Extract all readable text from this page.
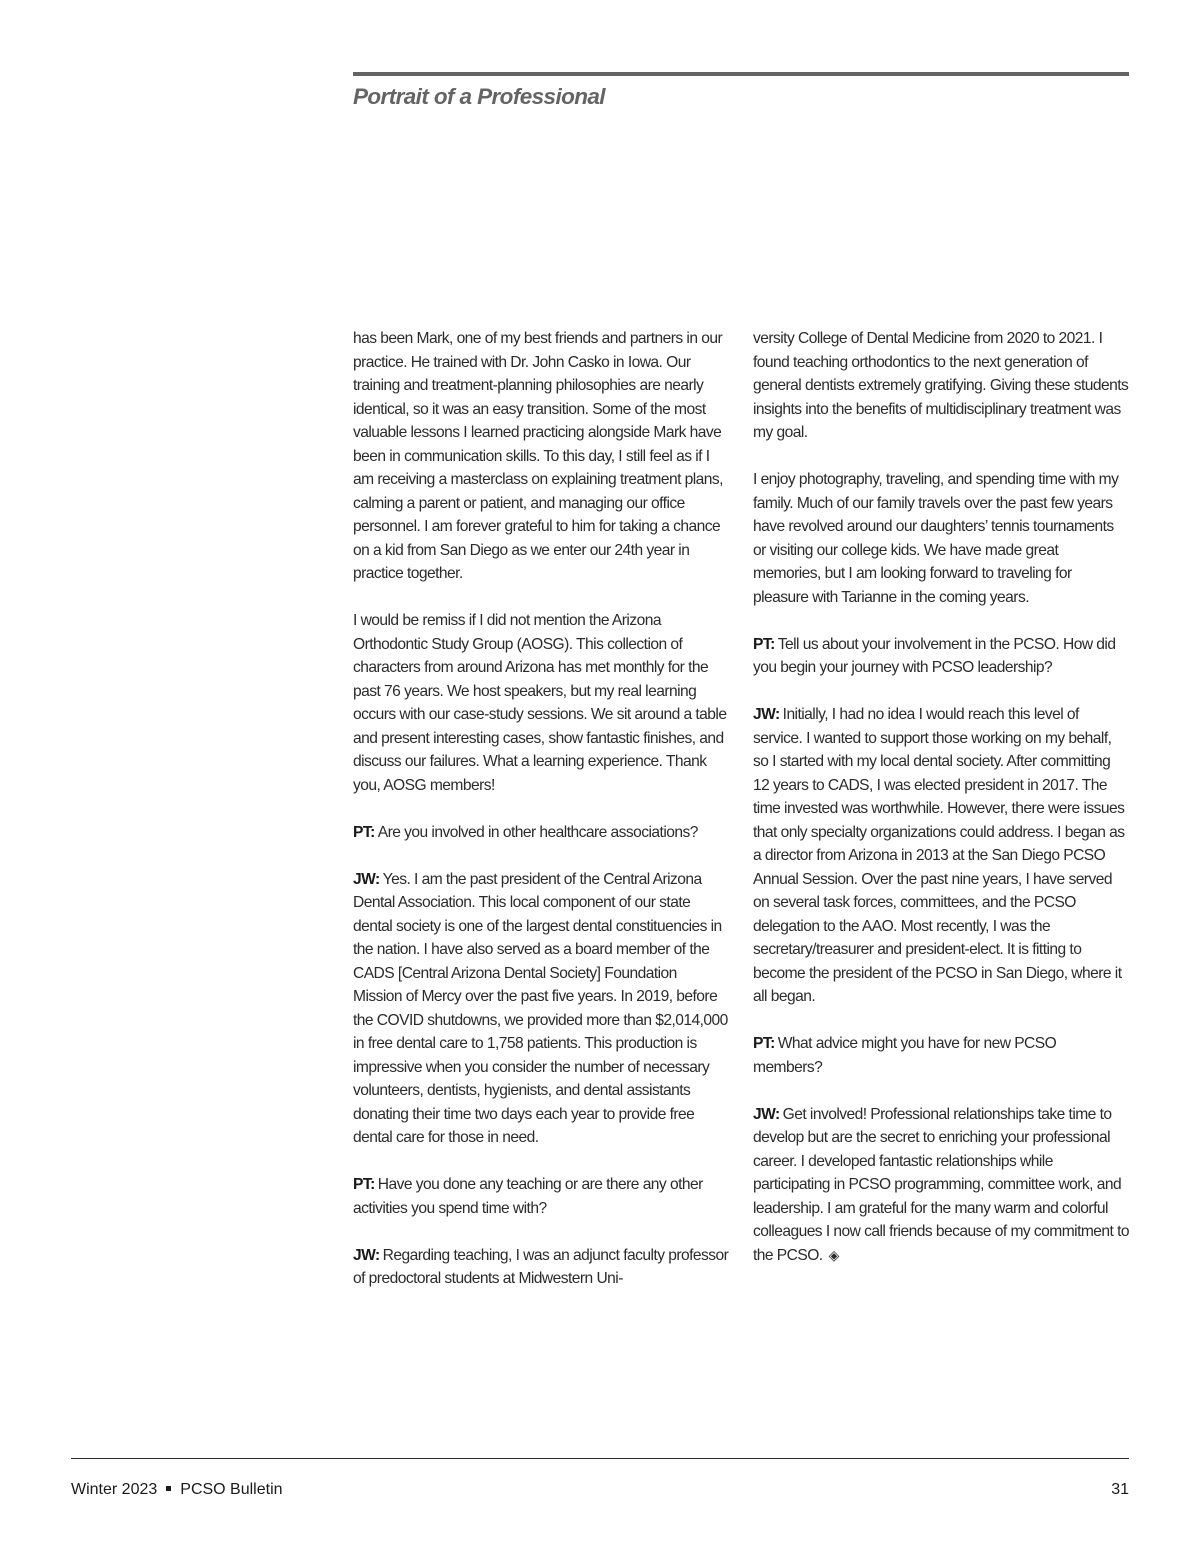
Portrait of a Professional

has been Mark, one of my best friends and partners in our practice. He trained with Dr. John Casko in Iowa. Our training and treatment-planning philosophies are nearly identical, so it was an easy transition. Some of the most valuable lessons I learned practicing alongside Mark have been in communication skills. To this day, I still feel as if I am receiving a masterclass on explaining treatment plans, calming a parent or patient, and managing our office personnel. I am forever grateful to him for taking a chance on a kid from San Diego as we enter our 24th year in practice together.

I would be remiss if I did not mention the Arizona Orthodontic Study Group (AOSG). This collection of characters from around Arizona has met monthly for the past 76 years. We host speakers, but my real learning occurs with our case-study sessions. We sit around a table and present interesting cases, show fantastic finishes, and discuss our failures. What a learning experience. Thank you, AOSG members!

PT: Are you involved in other healthcare associations?

JW: Yes. I am the past president of the Central Arizona Dental Association. This local component of our state dental society is one of the largest dental constituencies in the nation. I have also served as a board member of the CADS [Central Arizona Dental Society] Foundation Mission of Mercy over the past five years. In 2019, before the COVID shutdowns, we provided more than $2,014,000 in free dental care to 1,758 patients. This production is impressive when you consider the number of necessary volunteers, dentists, hygienists, and dental assistants donating their time two days each year to provide free dental care for those in need.

PT: Have you done any teaching or are there any other activities you spend time with?

JW: Regarding teaching, I was an adjunct faculty professor of predoctoral students at Midwestern Uni-

versity College of Dental Medicine from 2020 to 2021. I found teaching orthodontics to the next generation of general dentists extremely gratifying. Giving these students insights into the benefits of multidisciplinary treatment was my goal.

I enjoy photography, traveling, and spending time with my family. Much of our family travels over the past few years have revolved around our daughters’ tennis tournaments or visiting our college kids. We have made great memories, but I am looking forward to traveling for pleasure with Tarianne in the coming years.

PT: Tell us about your involvement in the PCSO. How did you begin your journey with PCSO leadership?

JW: Initially, I had no idea I would reach this level of service. I wanted to support those working on my behalf, so I started with my local dental society. After committing 12 years to CADS, I was elected president in 2017. The time invested was worthwhile. However, there were issues that only specialty organizations could address. I began as a director from Arizona in 2013 at the San Diego PCSO Annual Session. Over the past nine years, I have served on several task forces, committees, and the PCSO delegation to the AAO. Most recently, I was the secretary/treasurer and president-elect. It is fitting to become the president of the PCSO in San Diego, where it all began.

PT: What advice might you have for new PCSO members?

JW: Get involved! Professional relationships take time to develop but are the secret to enriching your professional career. I developed fantastic relationships while participating in PCSO programming, committee work, and leadership. I am grateful for the many warm and colorful colleagues I now call friends because of my commitment to the PCSO. ◈

Winter 2023 PCSO Bulletin	31
